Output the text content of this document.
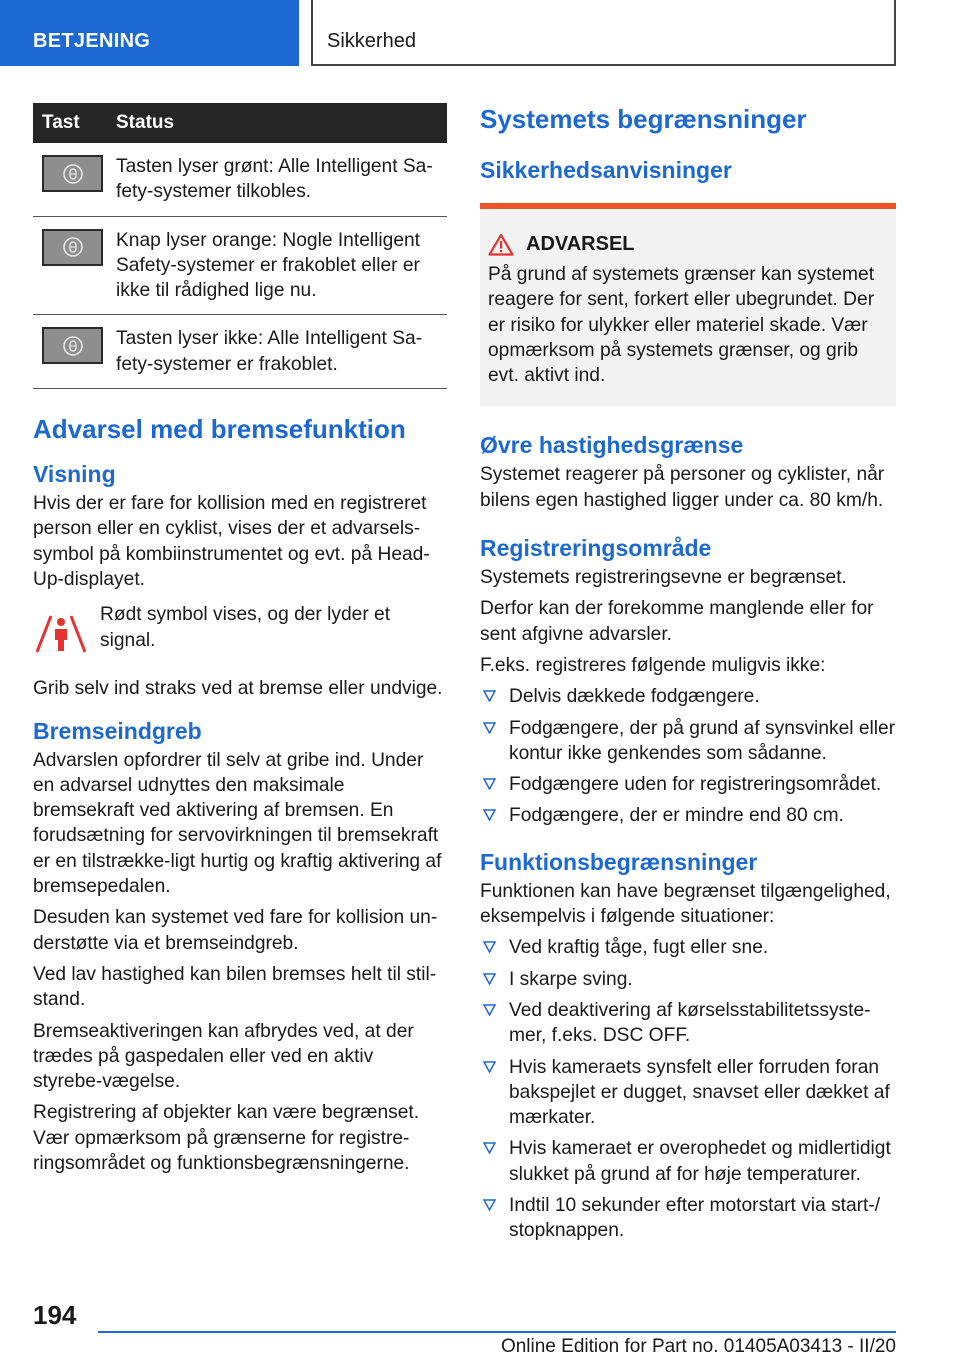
BETJENING	Sikkerhed
Tast	Status

	Tasten lyser grønt: Alle Intelligent Sa-fety-systemer tilkobles.

	Knap lyser orange: Nogle Intelligent Safety-systemer er frakoblet eller er ikke til rådighed lige nu.

	Tasten lyser ikke: Alle Intelligent Sa-fety-systemer er frakoblet.
Advarsel med bremsefunktion
Visning

Hvis der er fare for kollision med en registreret person eller en cyklist, vises der et advarsels-symbol på kombiinstrumentet og evt. på Head-Up-displayet.

Rødt symbol vises, og der lyder et signal.

Grib selv ind straks ved at bremse eller undvige.

Bremseindgreb

Advarslen opfordrer til selv at gribe ind. Under en advarsel udnyttes den maksimale bremsekraft ved aktivering af bremsen. En forudsætning for servovirkningen til bremsekraft er en tilstrække-ligt hurtig og kraftig aktivering af bremsepedalen.

Desuden kan systemet ved fare for kollision un-derstøtte via et bremseindgreb.

Ved lav hastighed kan bilen bremses helt til stil-stand.

Bremseaktiveringen kan afbrydes ved, at der trædes på gaspedalen eller ved en aktiv styrebe-vægelse.

Registrering af objekter kan være begrænset. Vær opmærksom på grænserne for registre-ringsområdet og funktionsbegrænsningerne.

Systemets begrænsninger
Sikkerhedsanvisninger
ADVARSEL

På grund af systemets grænser kan systemet reagere for sent, forkert eller ubegrundet. Der er risiko for ulykker eller materiel skade. Vær opmærksom på systemets grænser, og grib evt. aktivt ind.

Øvre hastighedsgrænse

Systemet reagerer på personer og cyklister, når bilens egen hastighed ligger under ca. 80 km/h.

Registreringsområde

Systemets registreringsevne er begrænset.

Derfor kan der forekomme manglende eller for sent afgivne advarsler.

F.eks. registreres følgende muligvis ikke:

Delvis dækkede fodgængere.
Fodgængere, der på grund af synsvinkel eller kontur ikke genkendes som sådanne.
Fodgængere uden for registreringsområdet.
Fodgængere, der er mindre end 80 cm.
Funktionsbegrænsninger

Funktionen kan have begrænset tilgængelighed, eksempelvis i følgende situationer:

Ved kraftig tåge, fugt eller sne.
I skarpe sving.
Ved deaktivering af kørselsstabilitetssyste-mer, f.eks. DSC OFF.
Hvis kameraets synsfelt eller forruden foran bakspejlet er dugget, snavset eller dækket af mærkater.
Hvis kameraet er overophedet og midlertidigt slukket på grund af for høje temperaturer.
Indtil 10 sekunder efter motorstart via start-/ stopknappen.
194
Online Edition for Part no. 01405A03413 - II/20
